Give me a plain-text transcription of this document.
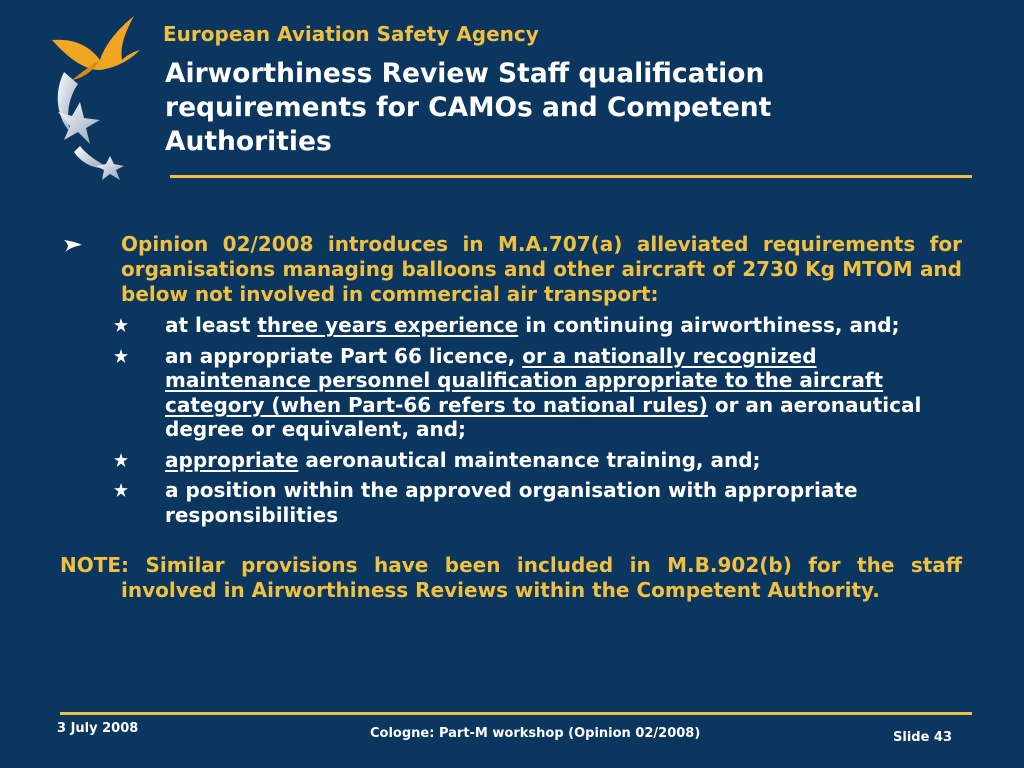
European Aviation Safety Agency
Airworthiness Review Staff qualification requirements for CAMOs and Competent Authorities

Opinion 02/2008 introduces in M.A.707(a) alleviated requirements for organisations managing balloons and other aircraft of 2730 Kg MTOM and below not involved in commercial air transport:

at least three years experience in continuing airworthiness, and;
an appropriate Part 66 licence, or a nationally recognized maintenance personnel qualification appropriate to the aircraft category (when Part-66 refers to national rules) or an aeronautical degree or equivalent, and;
appropriate aeronautical maintenance training, and;
a position within the approved organisation with appropriate responsibilities

NOTE: Similar provisions have been included in M.B.902(b) for the staff involved in Airworthiness Reviews within the Competent Authority.

3 July 2008	Cologne: Part-M workshop (Opinion 02/2008)	Slide 43
